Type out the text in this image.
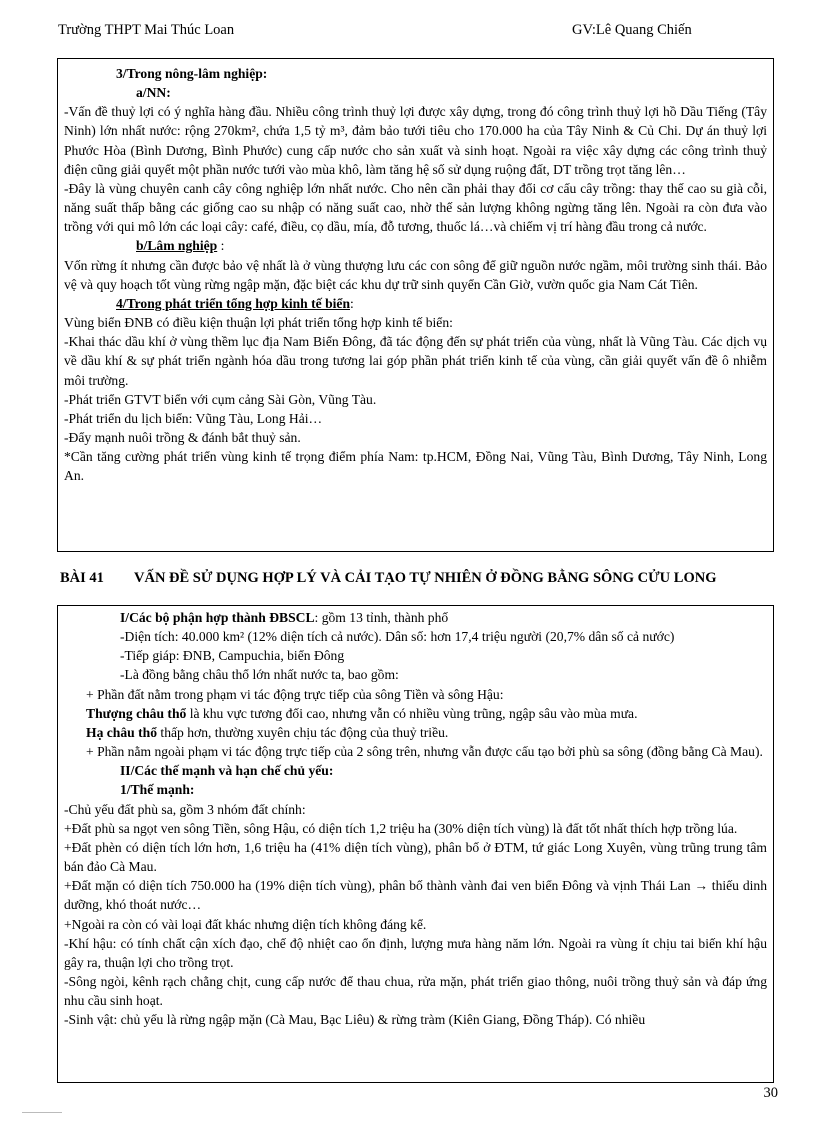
Trường THPT Mai Thúc Loan	GV:Lê Quang Chiến

3/Trong nông-lâm nghiệp:

a/NN:

-Vấn đề thuỷ lợi có ý nghĩa hàng đầu. Nhiều công trình thuỷ lợi được xây dựng, trong đó công trình thuỷ lợi hồ Dầu Tiếng (Tây Ninh) lớn nhất nước: rộng 270km², chứa 1,5 tỷ m³, đảm bảo tưới tiêu cho 170.000 ha của Tây Ninh & Củ Chi. Dự án thuỷ lợi Phước Hòa (Bình Dương, Bình Phước) cung cấp nước cho sản xuất và sinh hoạt. Ngoài ra việc xây dựng các công trình thuỷ điện cũng giải quyết một phần nước tưới vào mùa khô, làm tăng hệ số sử dụng ruộng đất, DT trồng trọt tăng lên…

-Đây là vùng chuyên canh cây công nghiệp lớn nhất nước. Cho nên cần phải thay đổi cơ cấu cây trồng: thay thế cao su già cỗi, năng suất thấp bằng các giống cao su nhập có năng suất cao, nhờ thế sản lượng không ngừng tăng lên. Ngoài ra còn đưa vào trồng với qui mô lớn các loại cây: café, điều, cọ dầu, mía, đỗ tương, thuốc lá…và chiếm vị trí hàng đầu trong cả nước.

b/Lâm nghiệp :

Vốn rừng ít nhưng cần được bảo vệ nhất là ở vùng thượng lưu các con sông để giữ nguồn nước ngầm, môi trường sinh thái. Bảo vệ và quy hoạch tốt vùng rừng ngập mặn, đặc biệt các khu dự trữ sinh quyển Cần Giờ, vườn quốc gia Nam Cát Tiên.

4/Trong phát triển tổng hợp kinh tế biển:

Vùng biển ĐNB có điều kiện thuận lợi phát triển tổng hợp kinh tế biển:

-Khai thác dầu khí ở vùng thềm lục địa Nam Biển Đông, đã tác động đến sự phát triển của vùng, nhất là Vũng Tàu. Các dịch vụ về dầu khí & sự phát triển ngành hóa dầu trong tương lai góp phần phát triển kinh tế của vùng, cần giải quyết vấn đề ô nhiễm môi trường.

-Phát triển GTVT biển với cụm cảng Sài Gòn, Vũng Tàu.

-Phát triển du lịch biển: Vũng Tàu, Long Hải…

-Đẩy mạnh nuôi trồng & đánh bắt thuỷ sản.

*Cần tăng cường phát triển vùng kinh tế trọng điểm phía Nam: tp.HCM, Đồng Nai, Vũng Tàu, Bình Dương, Tây Ninh, Long An.

BÀI 41 VẤN ĐỀ SỬ DỤNG HỢP LÝ VÀ CẢI TẠO TỰ NHIÊN Ở ĐỒNG BẰNG SÔNG CỬU LONG

I/Các bộ phận hợp thành ĐBSCL: gồm 13 tỉnh, thành phố

-Diện tích: 40.000 km² (12% diện tích cả nước). Dân số: hơn 17,4 triệu người (20,7% dân số cả nước)

-Tiếp giáp: ĐNB, Campuchia, biển Đông

-Là đồng bằng châu thổ lớn nhất nước ta, bao gồm:

+ Phần đất nằm trong phạm vi tác động trực tiếp của sông Tiền và sông Hậu:

Thượng châu thổ là khu vực tương đối cao, nhưng vẫn có nhiều vùng trũng, ngập sâu vào mùa mưa.

Hạ châu thổ thấp hơn, thường xuyên chịu tác động của thuỷ triều.

+ Phần nằm ngoài phạm vi tác động trực tiếp của 2 sông trên, nhưng vẫn được cấu tạo bởi phù sa sông (đồng bằng Cà Mau).

II/Các thế mạnh và hạn chế chủ yếu:

1/Thế mạnh:

-Chủ yếu đất phù sa, gồm 3 nhóm đất chính:

+Đất phù sa ngọt ven sông Tiền, sông Hậu, có diện tích 1,2 triệu ha (30% diện tích vùng) là đất tốt nhất thích hợp trồng lúa.

+Đất phèn có diện tích lớn hơn, 1,6 triệu ha (41% diện tích vùng), phân bố ở ĐTM, tứ giác Long Xuyên, vùng trũng trung tâm bán đảo Cà Mau.

+Đất mặn có diện tích 750.000 ha (19% diện tích vùng), phân bố thành vành đai ven biển Đông và vịnh Thái Lan → thiếu dinh dưỡng, khó thoát nước…

+Ngoài ra còn có vài loại đất khác nhưng diện tích không đáng kể.

-Khí hậu: có tính chất cận xích đạo, chế độ nhiệt cao ổn định, lượng mưa hàng năm lớn. Ngoài ra vùng ít chịu tai biến khí hậu gây ra, thuận lợi cho trồng trọt.

-Sông ngòi, kênh rạch chằng chịt, cung cấp nước để thau chua, rửa mặn, phát triển giao thông, nuôi trồng thuỷ sản và đáp ứng nhu cầu sinh hoạt.

-Sinh vật: chủ yếu là rừng ngập mặn (Cà Mau, Bạc Liêu) & rừng tràm (Kiên Giang, Đồng Tháp). Có nhiều

30
